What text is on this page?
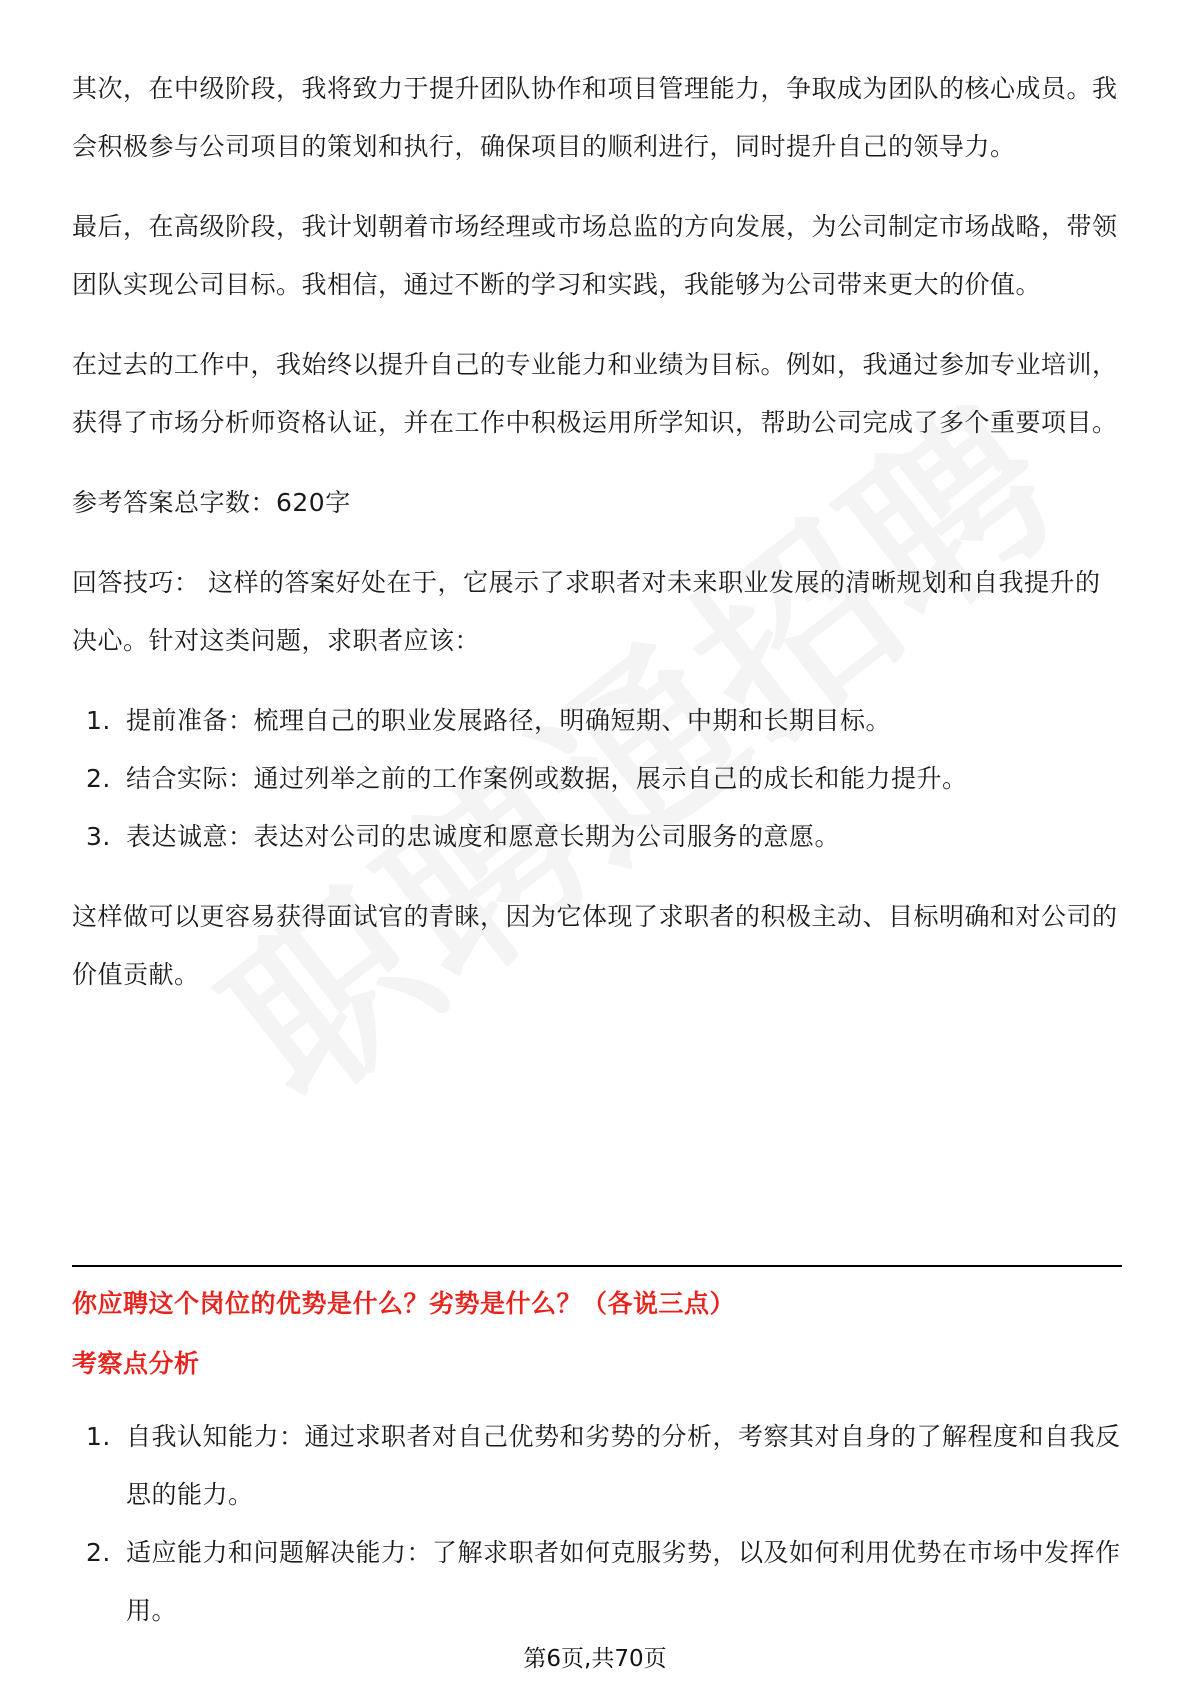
其次，在中级阶段，我将致力于提升团队协作和项目管理能力，争取成为团队的核心成员。我会积极参与公司项目的策划和执行，确保项目的顺利进行，同时提升自己的领导力。

最后，在高级阶段，我计划朝着市场经理或市场总监的方向发展，为公司制定市场战略，带领团队实现公司目标。我相信，通过不断的学习和实践，我能够为公司带来更大的价值。

在过去的工作中，我始终以提升自己的专业能力和业绩为目标。例如，我通过参加专业培训，获得了市场分析师资格认证，并在工作中积极运用所学知识，帮助公司完成了多个重要项目。

参考答案总字数：620字

回答技巧： 这样的答案好处在于，它展示了求职者对未来职业发展的清晰规划和自我提升的决心。针对这类问题，求职者应该：

1. 提前准备：梳理自己的职业发展路径，明确短期、中期和长期目标。
2. 结合实际：通过列举之前的工作案例或数据，展示自己的成长和能力提升。
3. 表达诚意：表达对公司的忠诚度和愿意长期为公司服务的意愿。

这样做可以更容易获得面试官的青睐，因为它体现了求职者的积极主动、目标明确和对公司的价值贡献。

你应聘这个岗位的优势是什么？劣势是什么？（各说三点）
考察点分析
1. 自我认知能力：通过求职者对自己优势和劣势的分析，考察其对自身的了解程度和自我反思的能力。
2. 适应能力和问题解决能力：了解求职者如何克服劣势，以及如何利用优势在市场中发挥作用。
第6页,共70页
